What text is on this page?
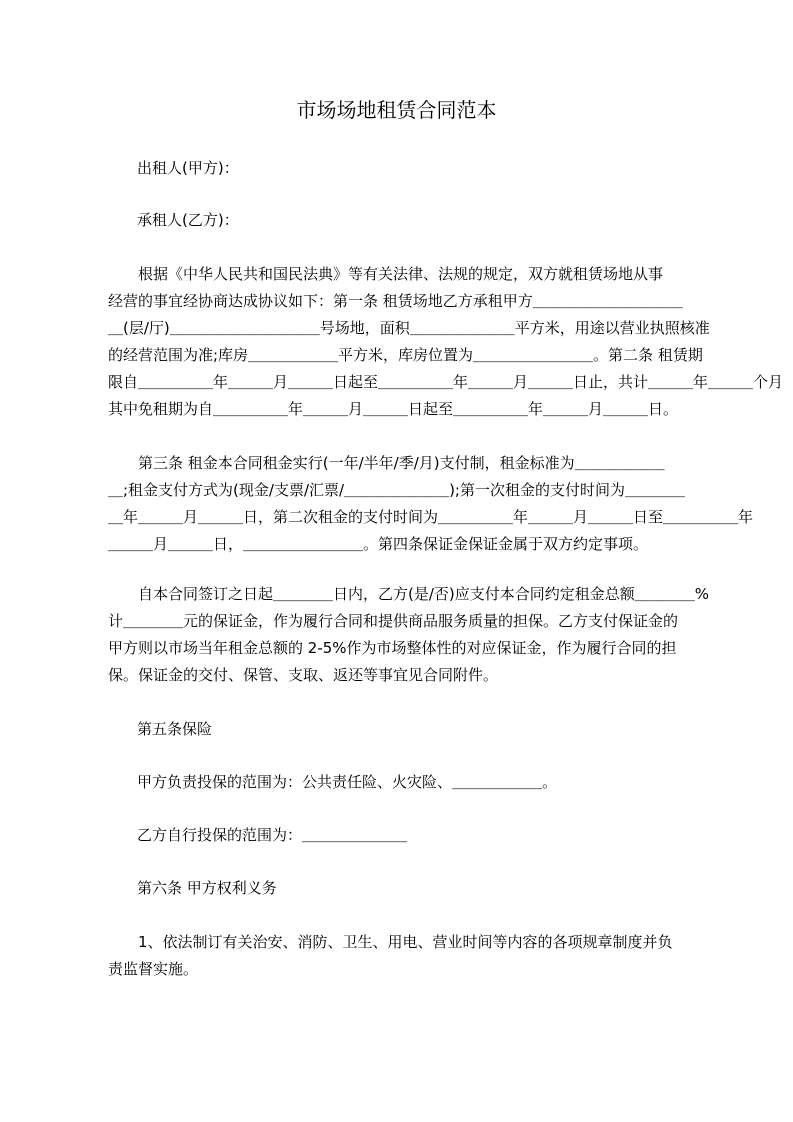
市场场地租赁合同范本
出租人(甲方)：
承租人(乙方)：
根据《中华人民共和国民法典》等有关法律、法规的规定，双方就租赁场地从事
经营的事宜经协商达成协议如下：第一条 租赁场地乙方承租甲方＿＿＿＿＿＿＿＿＿＿
＿(层/厅)＿＿＿＿＿＿＿＿＿＿号场地，面积＿＿＿＿＿＿＿平方米，用途以营业执照核准
的经营范围为准;库房＿＿＿＿＿＿平方米，库房位置为＿＿＿＿＿＿＿＿。第二条 租赁期
限自＿＿＿＿＿年＿＿＿月＿＿＿日起至＿＿＿＿＿年＿＿＿月＿＿＿日止，共计＿＿＿年＿＿＿个月
其中免租期为自＿＿＿＿＿年＿＿＿月＿＿＿日起至＿＿＿＿＿年＿＿＿月＿＿＿日。
第三条 租金本合同租金实行(一年/半年/季/月)支付制，租金标准为＿＿＿＿＿＿
＿;租金支付方式为(现金/支票/汇票/＿＿＿＿＿＿＿);第一次租金的支付时间为＿＿＿＿
＿年＿＿＿月＿＿＿日，第二次租金的支付时间为＿＿＿＿＿年＿＿＿月＿＿＿日至＿＿＿＿＿年
＿＿＿月＿＿＿日，＿＿＿＿＿＿＿＿。第四条保证金保证金属于双方约定事项。
自本合同签订之日起＿＿＿＿日内，乙方(是/否)应支付本合同约定租金总额＿＿＿＿%
计＿＿＿＿元的保证金，作为履行合同和提供商品服务质量的担保。乙方支付保证金的
甲方则以市场当年租金总额的 2-5%作为市场整体性的对应保证金，作为履行合同的担
保。保证金的交付、保管、支取、返还等事宜见合同附件。
第五条保险
甲方负责投保的范围为：公共责任险、火灾险、＿＿＿＿＿＿。
乙方自行投保的范围为：＿＿＿＿＿＿＿
第六条 甲方权利义务
1、依法制订有关治安、消防、卫生、用电、营业时间等内容的各项规章制度并负
责监督实施。
